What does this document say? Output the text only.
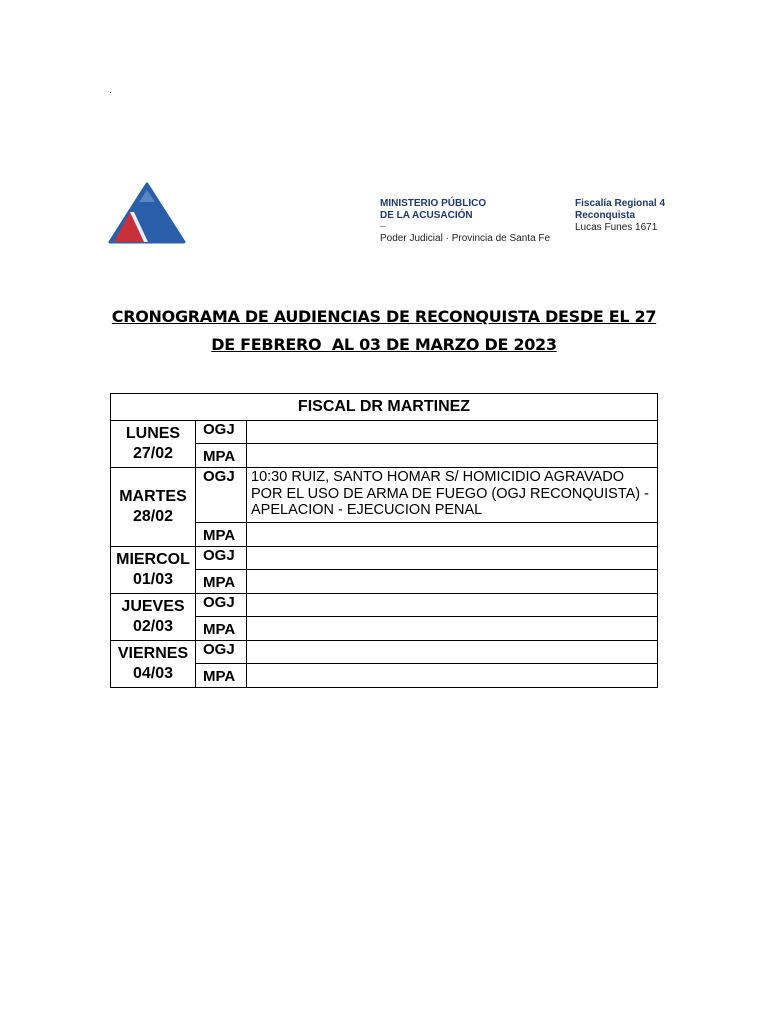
.
MINISTERIO PÚBLICO
DE LA ACUSACIÓN
–
Poder Judicial · Provincia de Santa Fe
Fiscalía Regional 4
Reconquista
Lucas Funes 1671
CRONOGRAMA DE AUDIENCIAS DE RECONQUISTA DESDE EL 27
DE FEBRERO  AL 03 DE MARZO DE 2023
FISCAL DR MARTINEZ		

LUNES
27/02	OGJ	
	MPA	

MARTES
28/02	OGJ	10:30 RUIZ, SANTO HOMAR S/ HOMICIDIO AGRAVADO POR EL USO DE ARMA DE FUEGO (OGJ RECONQUISTA) -APELACION - EJECUCION PENAL
	MPA	

MIERCOL
01/03	OGJ	
	MPA	

JUEVES
02/03	OGJ	
	MPA	

VIERNES
04/03	OGJ	
	MPA	
